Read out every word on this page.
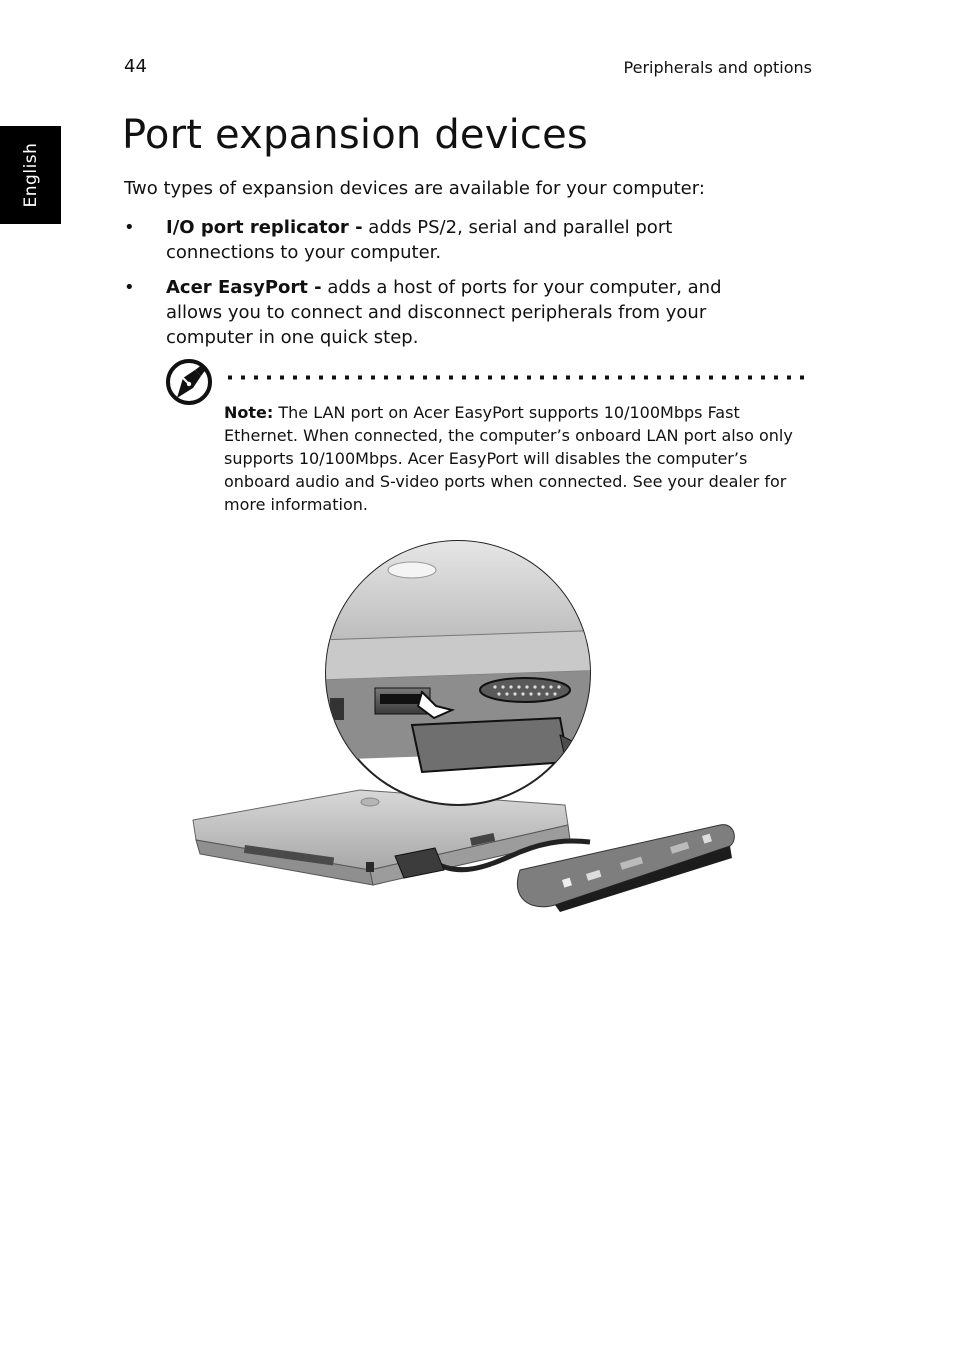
44	Peripherals and options
English
Port expansion devices

Two types of expansion devices are available for your computer:

• I/O port replicator - adds PS/2, serial and parallel port connections to your computer.
• Acer EasyPort - adds a host of ports for your computer, and allows you to connect and disconnect peripherals from your computer in one quick step.

Note: The LAN port on Acer EasyPort supports 10/100Mbps Fast Ethernet. When connected, the computer’s onboard LAN port also only supports 10/100Mbps. Acer EasyPort will disables the computer’s onboard audio and S-video ports when connected. See your dealer for more information.
